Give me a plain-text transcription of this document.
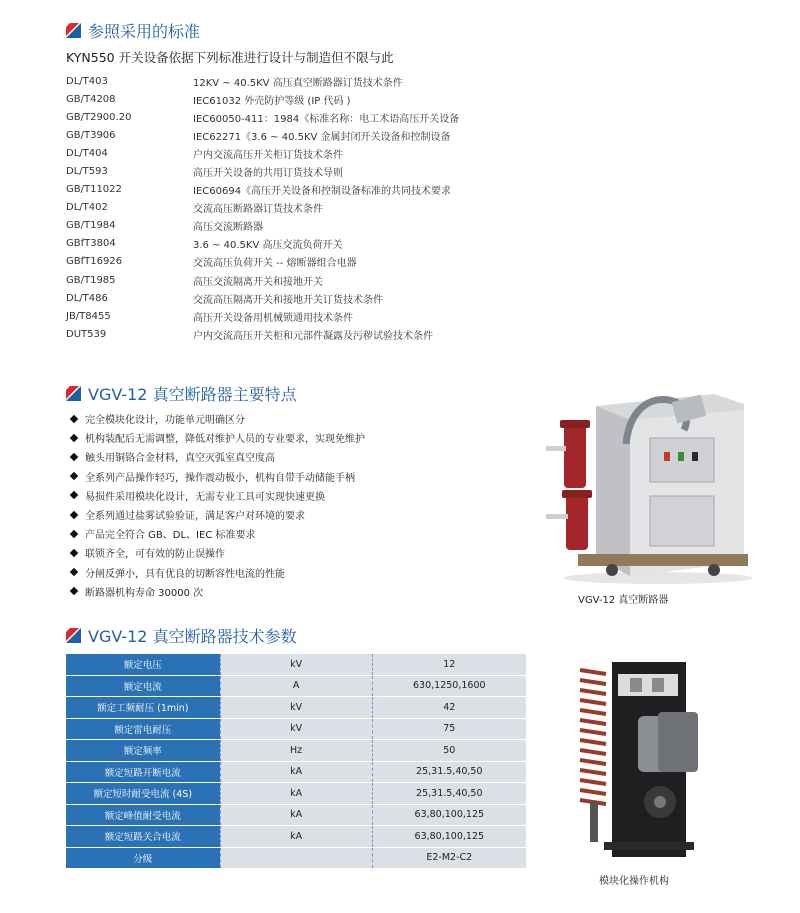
参照采用的标准
KYN550 开关设备依据下列标准进行设计与制造但不限与此
DL/T403	12KV ~ 40.5KV 高压真空断路器订货技术条件
GB/T4208	IEC61032 外壳防护等级 (IP 代码 )
GB/T2900.20	IEC60050-411：1984《标准名称：电工术语高压开关设备
GB/T3906	IEC62271《3.6 ~ 40.5KV 金属封闭开关设备和控制设备
DL/T404	户内交流高压开关柜订货技术条件
DL/T593	高压开关设备的共用订货技术导则
GB/T11022	IEC60694《高压开关设备和控制设备标准的共同技术要求
DL/T402	交流高压断路器订货技术条件
GB/T1984	高压交流断路器
GBfT3804	3.6 ~ 40.5KV 高压交流负荷开关
GBfT16926	交流高压负荷开关 -- 熔断器组合电器
GB/T1985	高压交流隔离开关和接地开关
DL/T486	交流高压隔离开关和接地开关订货技术条件
JB/T8455	高压开关设备用机械锁通用技术条件
DUT539	户内交流高压开关柜和元部件凝露及污秽试验技术条件
VGV-12 真空断路器主要特点
完全模块化设计，功能单元明确区分
机构装配后无需调整，降低对维护人员的专业要求，实现免维护
触头用铜铬合金材料，真空灭弧室真空度高
全系列产品操作轻巧，操作震动极小，机构自带手动储能手柄
易损件采用模块化设计，无需专业工具可实现快速更换
全系列通过盐雾试验验证，满足客户对环境的要求
产品完全符合 GB、DL、IEC 标准要求
联锁齐全，可有效的防止误操作
分闸反弹小，具有优良的切断容性电流的性能
断路器机构寿命 30000 次
VGV-12 真空断路器
VGV-12 真空断路器技术参数
额定电压	kV	12
额定电流	A	630,1250,1600
额定工频耐压 (1min)	kV	42
额定雷电耐压	kV	75
额定频率	Hz	50
额定短路开断电流	kA	25,31.5,40,50
额定短时耐受电流 (4S)	kA	25,31.5,40,50
额定峰值耐受电流	kA	63,80,100,125
额定短路关合电流	kA	63,80,100,125
分级		E2-M2-C2
模块化操作机构
